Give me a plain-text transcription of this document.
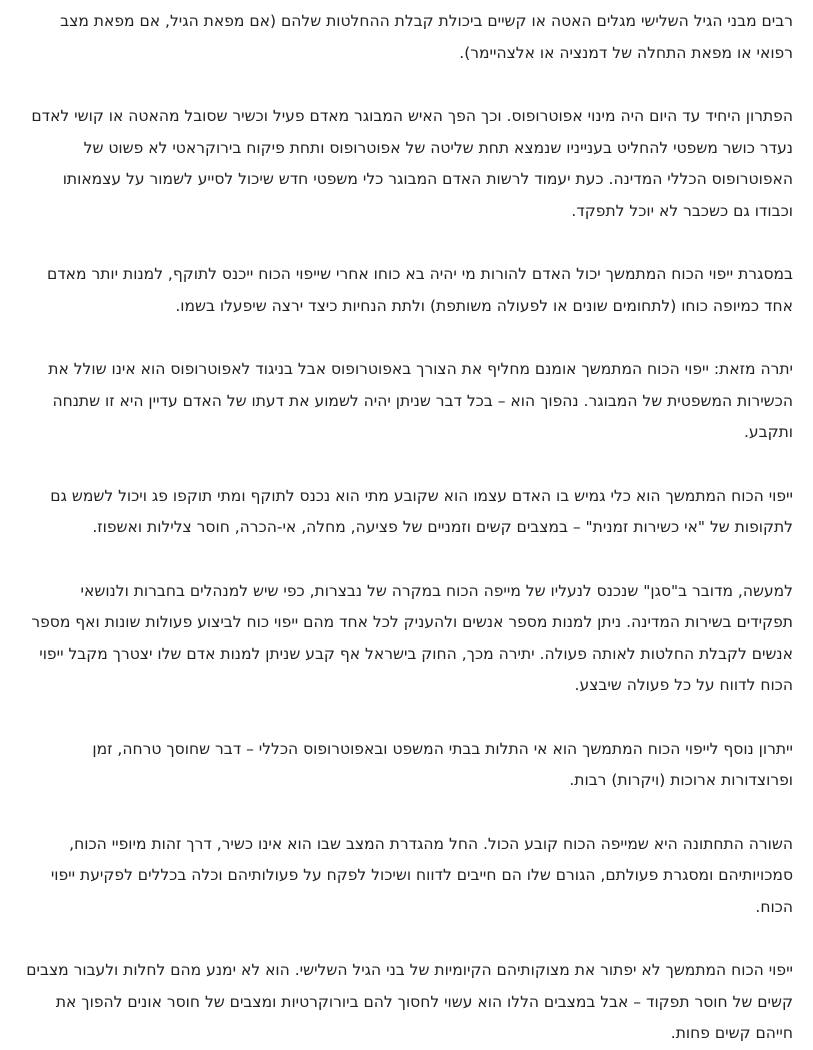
רבים מבני הגיל השלישי מגלים האטה או קשיים ביכולת קבלת ההחלטות שלהם (אם מפאת הגיל, אם מפאת מצב רפואי או מפאת התחלה של דמנציה או אלצהיימר).

הפתרון היחיד עד היום היה מינוי אפוטרופוס. וכך הפך האיש המבוגר מאדם פעיל וכשיר שסובל מהאטה או קושי לאדם נעדר כושר משפטי להחליט בענייניו שנמצא תחת שליטה של אפוטרופוס ותחת פיקוח בירוקראטי לא פשוט של האפוטרופוס הכללי המדינה. כעת יעמוד לרשות האדם המבוגר כלי משפטי חדש שיכול לסייע לשמור על עצמאותו וכבודו גם כשכבר לא יוכל לתפקד.

במסגרת ייפוי הכוח המתמשך יכול האדם להורות מי יהיה בא כוחו אחרי שייפוי הכוח ייכנס לתוקף, למנות יותר מאדם אחד כמיופה כוחו (לתחומים שונים או לפעולה משותפת) ולתת הנחיות כיצד ירצה שיפעלו בשמו.

יתרה מזאת: ייפוי הכוח המתמשך אומנם מחליף את הצורך באפוטרופוס אבל בניגוד לאפוטרופוס הוא אינו שולל את הכשירות המשפטית של המבוגר. נהפוך הוא – בכל דבר שניתן יהיה לשמוע את דעתו של האדם עדיין היא זו שתנחה ותקבע.

ייפוי הכוח המתמשך הוא כלי גמיש בו האדם עצמו הוא שקובע מתי הוא נכנס לתוקף ומתי תוקפו פג ויכול לשמש גם לתקופות של "אי כשירות זמנית" – במצבים קשים וזמניים של פציעה, מחלה, אי-הכרה, חוסר צלילות ואשפוז.

למעשה, מדובר ב"סגן" שנכנס לנעליו של מייפה הכוח במקרה של נבצרות, כפי שיש למנהלים בחברות ולנושאי תפקידים בשירות המדינה. ניתן למנות מספר אנשים ולהעניק לכל אחד מהם ייפוי כוח לביצוע פעולות שונות ואף מספר אנשים לקבלת החלטות לאותה פעולה. יתירה מכך, החוק בישראל אף קבע שניתן למנות אדם שלו יצטרך מקבל ייפוי הכוח לדווח על כל פעולה שיבצע.

ייתרון נוסף לייפוי הכוח המתמשך הוא אי התלות בבתי המשפט ובאפוטרופוס הכללי – דבר שחוסך טרחה, זמן ופרוצדורות ארוכות (ויקרות) רבות.

השורה התחתונה היא שמייפה הכוח קובע הכול. החל מהגדרת המצב שבו הוא אינו כשיר, דרך זהות מיופיי הכוח, סמכויותיהם ומסגרת פעולתם, הגורם שלו הם חייבים לדווח ושיכול לפקח על פעולותיהם וכלה בכללים לפקיעת ייפוי הכוח.

ייפוי הכוח המתמשך לא יפתור את מצוקותיהם הקיומיות של בני הגיל השלישי. הוא לא ימנע מהם לחלות ולעבור מצבים קשים של חוסר תפקוד – אבל במצבים הללו הוא עשוי לחסוך להם ביורוקרטיות ומצבים של חוסר אונים להפוך את חייהם קשים פחות.
